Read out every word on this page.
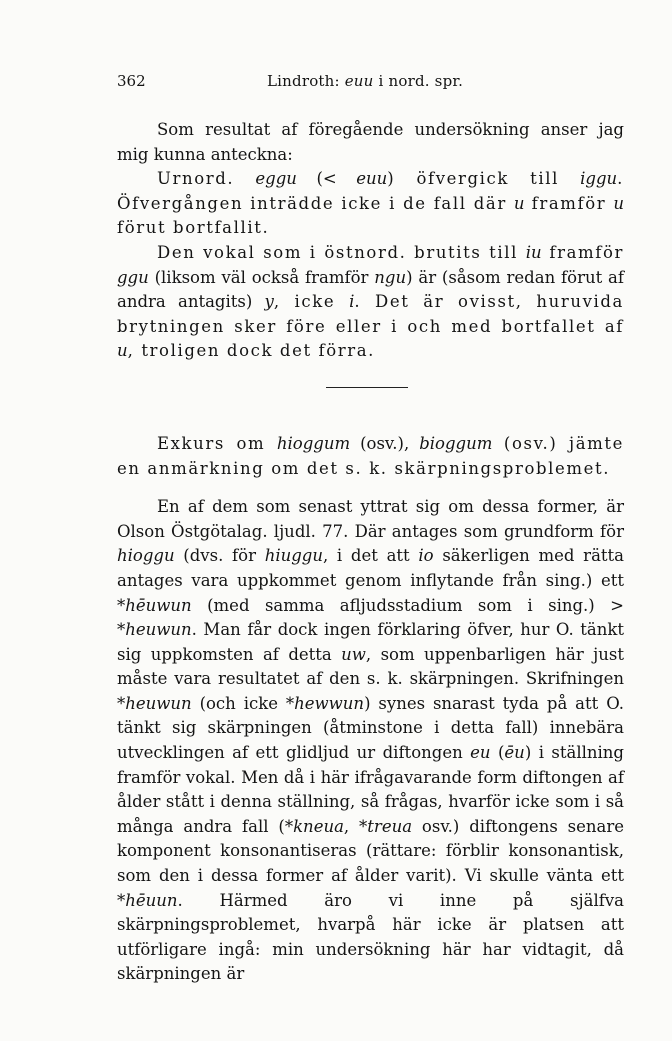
362	Lindroth: euu i nord. spr.

Som resultat af föregående undersökning anser jag mig kunna anteckna:

Urnord. eggu (< euu) öfvergick till iggu. Öfvergången inträdde icke i de fall där u framför u förut bortfallit.

Den vokal som i östnord. brutits till iu framför ggu (liksom väl också framför ngu) är (såsom redan förut af andra antagits) y, icke i. Det är ovisst, huruvida brytningen sker före eller i och med bortfallet af u, troligen dock det förra.

Exkurs om hioggum (osv.), bioggum (osv.) jämte en anmärkning om det s. k. skärpningsproblemet.

En af dem som senast yttrat sig om dessa former, är Olson Östgötalag. ljudl. 77. Där antages som grundform för hioggu (dvs. för hiuggu, i det att io säkerligen med rätta antages vara uppkommet genom inflytande från sing.) ett *hēuwun (med samma afljudsstadium som i sing.) > *heuwun. Man får dock ingen förklaring öfver, hur O. tänkt sig uppkomsten af detta uw, som uppenbarligen här just måste vara resultatet af den s. k. skärpningen. Skrifningen *heuwun (och icke *hewwun) synes snarast tyda på att O. tänkt sig skärpningen (åtminstone i detta fall) innebära utvecklingen af ett glidljud ur diftongen eu (ēu) i ställning framför vokal. Men då i här ifrågavarande form diftongen af ålder stått i denna ställning, så frågas, hvarför icke som i så många andra fall (*kneua, *treua osv.) diftongens senare komponent konsonantiseras (rättare: förblir konsonantisk, som den i dessa former af ålder varit). Vi skulle vänta ett *hēuun. Härmed äro vi inne på själfva skärpningsproblemet, hvarpå här icke är platsen att utförligare ingå: min undersökning här har vidtagit, då skärpningen är
